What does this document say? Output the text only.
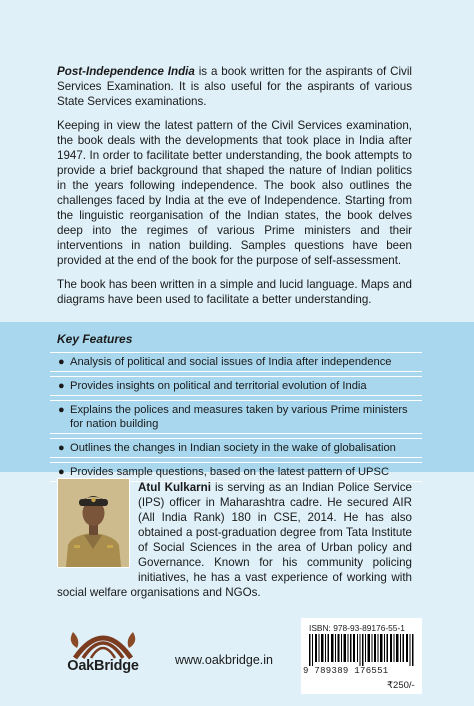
Post-Independence India is a book written for the aspirants of Civil Services Examination. It is also useful for the aspirants of various State Services examinations.

Keeping in view the latest pattern of the Civil Services examination, the book deals with the developments that took place in India after 1947. In order to facilitate better understanding, the book attempts to provide a brief background that shaped the nature of Indian politics in the years following independence. The book also outlines the challenges faced by India at the eve of Independence. Starting from the linguistic reorganisation of the Indian states, the book delves deep into the regimes of various Prime ministers and their interventions in nation building. Samples questions have been provided at the end of the book for the purpose of self-assessment.

The book has been written in a simple and lucid language. Maps and diagrams have been used to facilitate a better understanding.

Key Features
● Analysis of political and social issues of India after independence
● Provides insights on political and territorial evolution of India
● Explains the polices and measures taken by various Prime ministers for nation building
● Outlines the changes in Indian society in the wake of globalisation
● Provides sample questions, based on the latest pattern of UPSC
Atul Kulkarni is serving as an Indian Police Service (IPS) officer in Maharashtra cadre. He secured AIR (All India Rank) 180 in CSE, 2014. He has also obtained a post-graduation degree from Tata Institute of Social Sciences in the area of Urban policy and Governance. Known for his community policing initiatives, he has a vast experience of working with social welfare organisations and NGOs.
OakBridge	www.oakbridge.in
ISBN: 978-93-89176-55-1
9 789389 176551
₹250/-
